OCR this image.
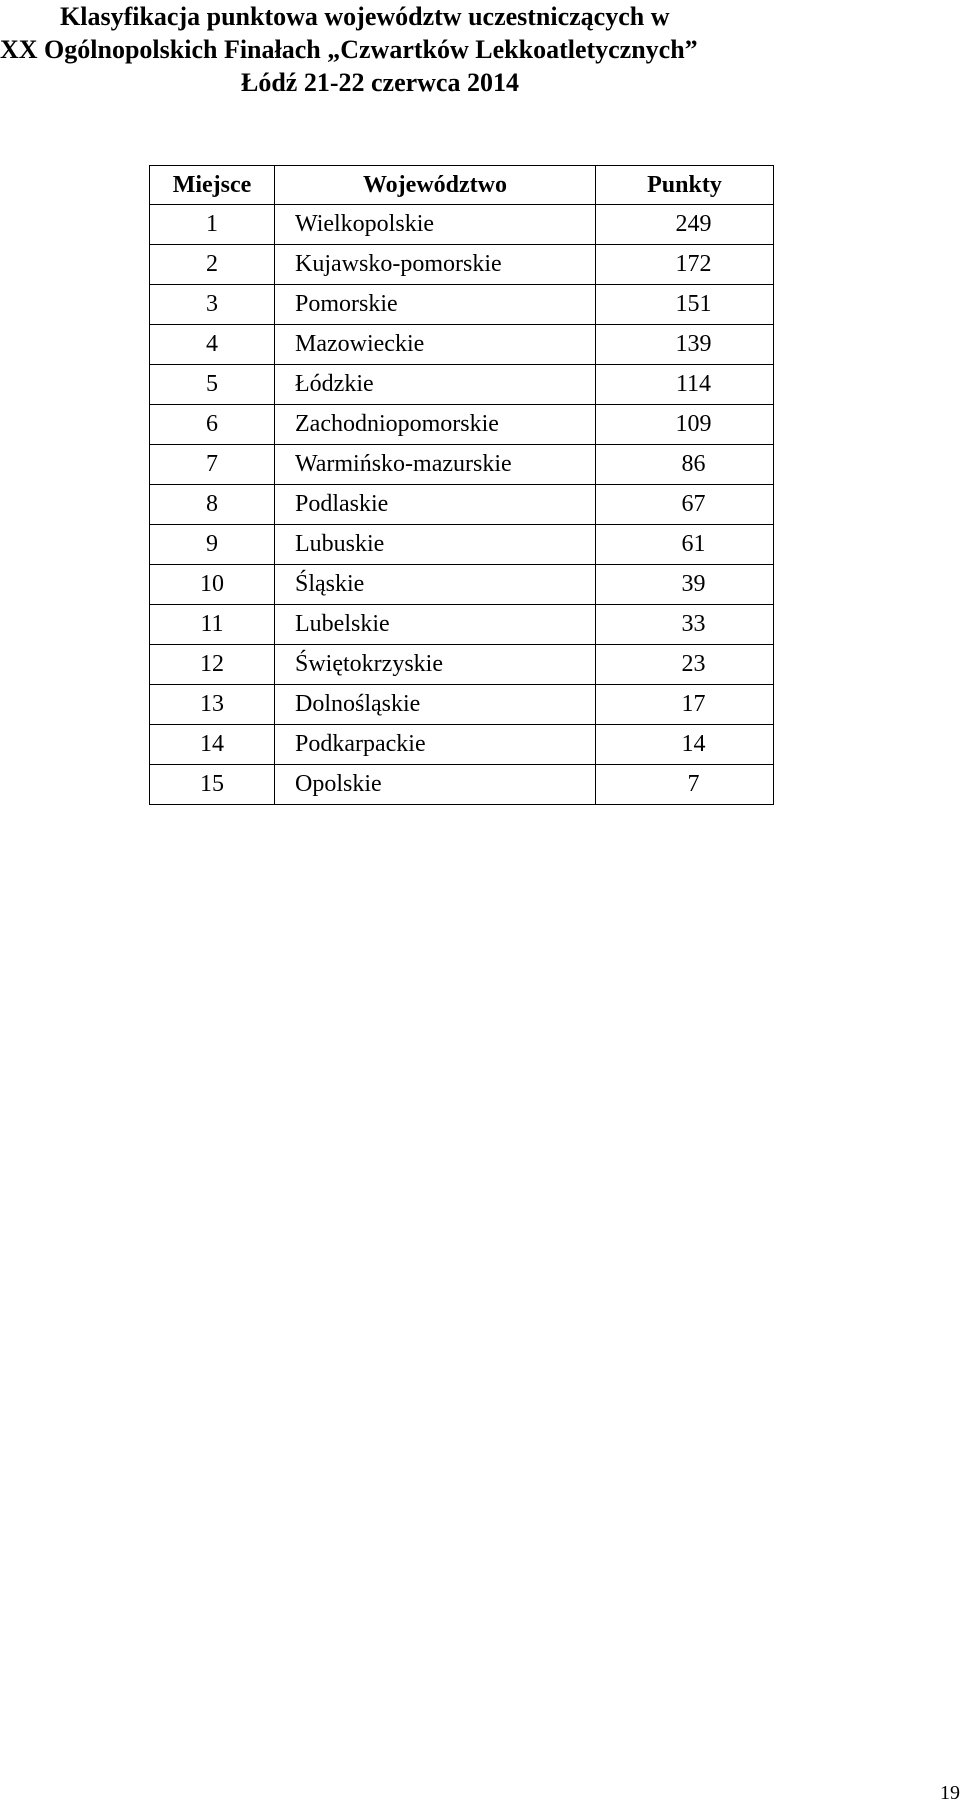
Klasyfikacja punktowa województw uczestniczących w
XX Ogólnopolskich Finałach „Czwartków Lekkoatletycznych”
Łódź 21-22 czerwca 2014
Miejsce	Województwo	Punkty
1	Wielkopolskie	249
2	Kujawsko-pomorskie	172
3	Pomorskie	151
4	Mazowieckie	139
5	Łódzkie	114
6	Zachodniopomorskie	109
7	Warmińsko-mazurskie	86
8	Podlaskie	67
9	Lubuskie	61
10	Śląskie	39
11	Lubelskie	33
12	Świętokrzyskie	23
13	Dolnośląskie	17
14	Podkarpackie	14
15	Opolskie	7
19
